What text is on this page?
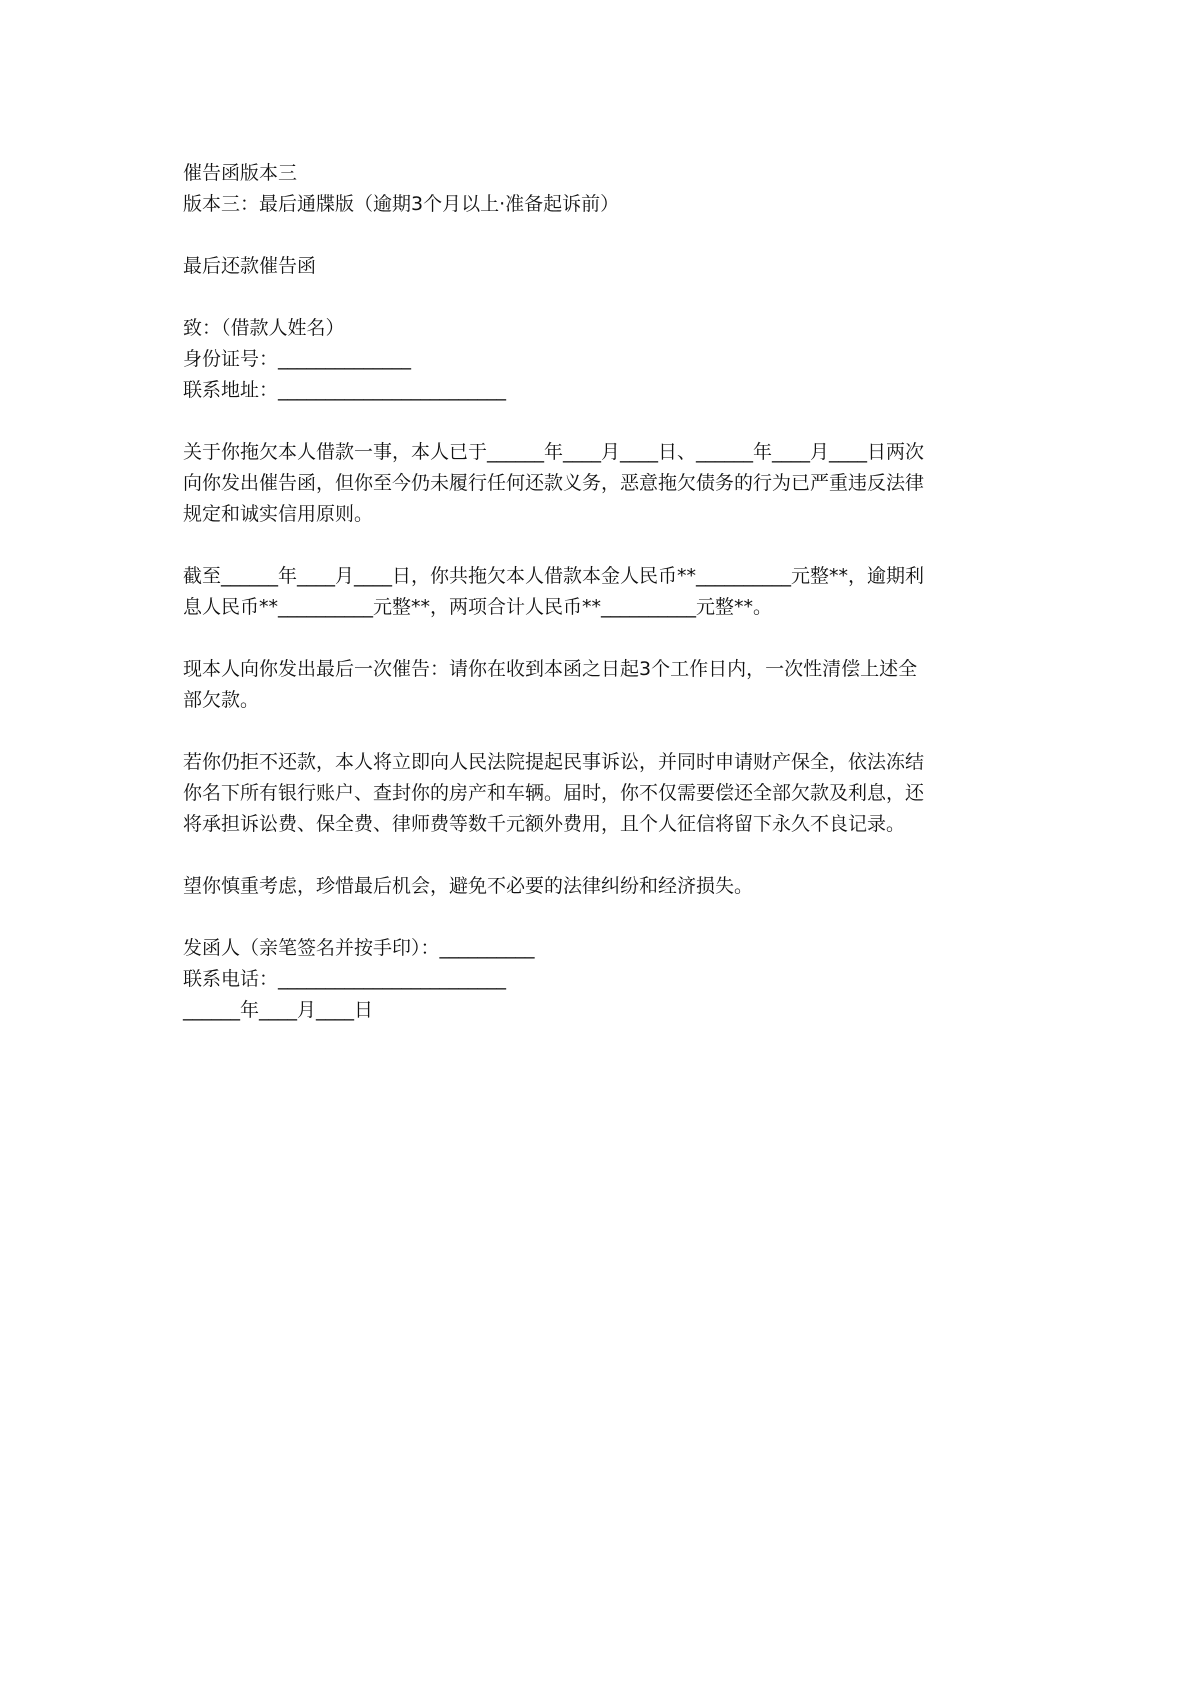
催告函版本三
版本三：最后通牒版（逾期3个月以上·准备起诉前）
最后还款催告函
致：（借款人姓名）
身份证号：______________
联系地址：________________________
关于你拖欠本人借款一事，本人已于______年____月____日、______年____月____日两次
向你发出催告函，但你至今仍未履行任何还款义务，恶意拖欠债务的行为已严重违反法律
规定和诚实信用原则。
截至______年____月____日，你共拖欠本人借款本金人民币**__________元整**，逾期利
息人民币**__________元整**，两项合计人民币**__________元整**。
现本人向你发出最后一次催告：请你在收到本函之日起3个工作日内，一次性清偿上述全
部欠款。
若你仍拒不还款，本人将立即向人民法院提起民事诉讼，并同时申请财产保全，依法冻结
你名下所有银行账户、查封你的房产和车辆。届时，你不仅需要偿还全部欠款及利息，还
将承担诉讼费、保全费、律师费等数千元额外费用，且个人征信将留下永久不良记录。
望你慎重考虑，珍惜最后机会，避免不必要的法律纠纷和经济损失。
发函人（亲笔签名并按手印）：__________
联系电话：________________________
______年____月____日
